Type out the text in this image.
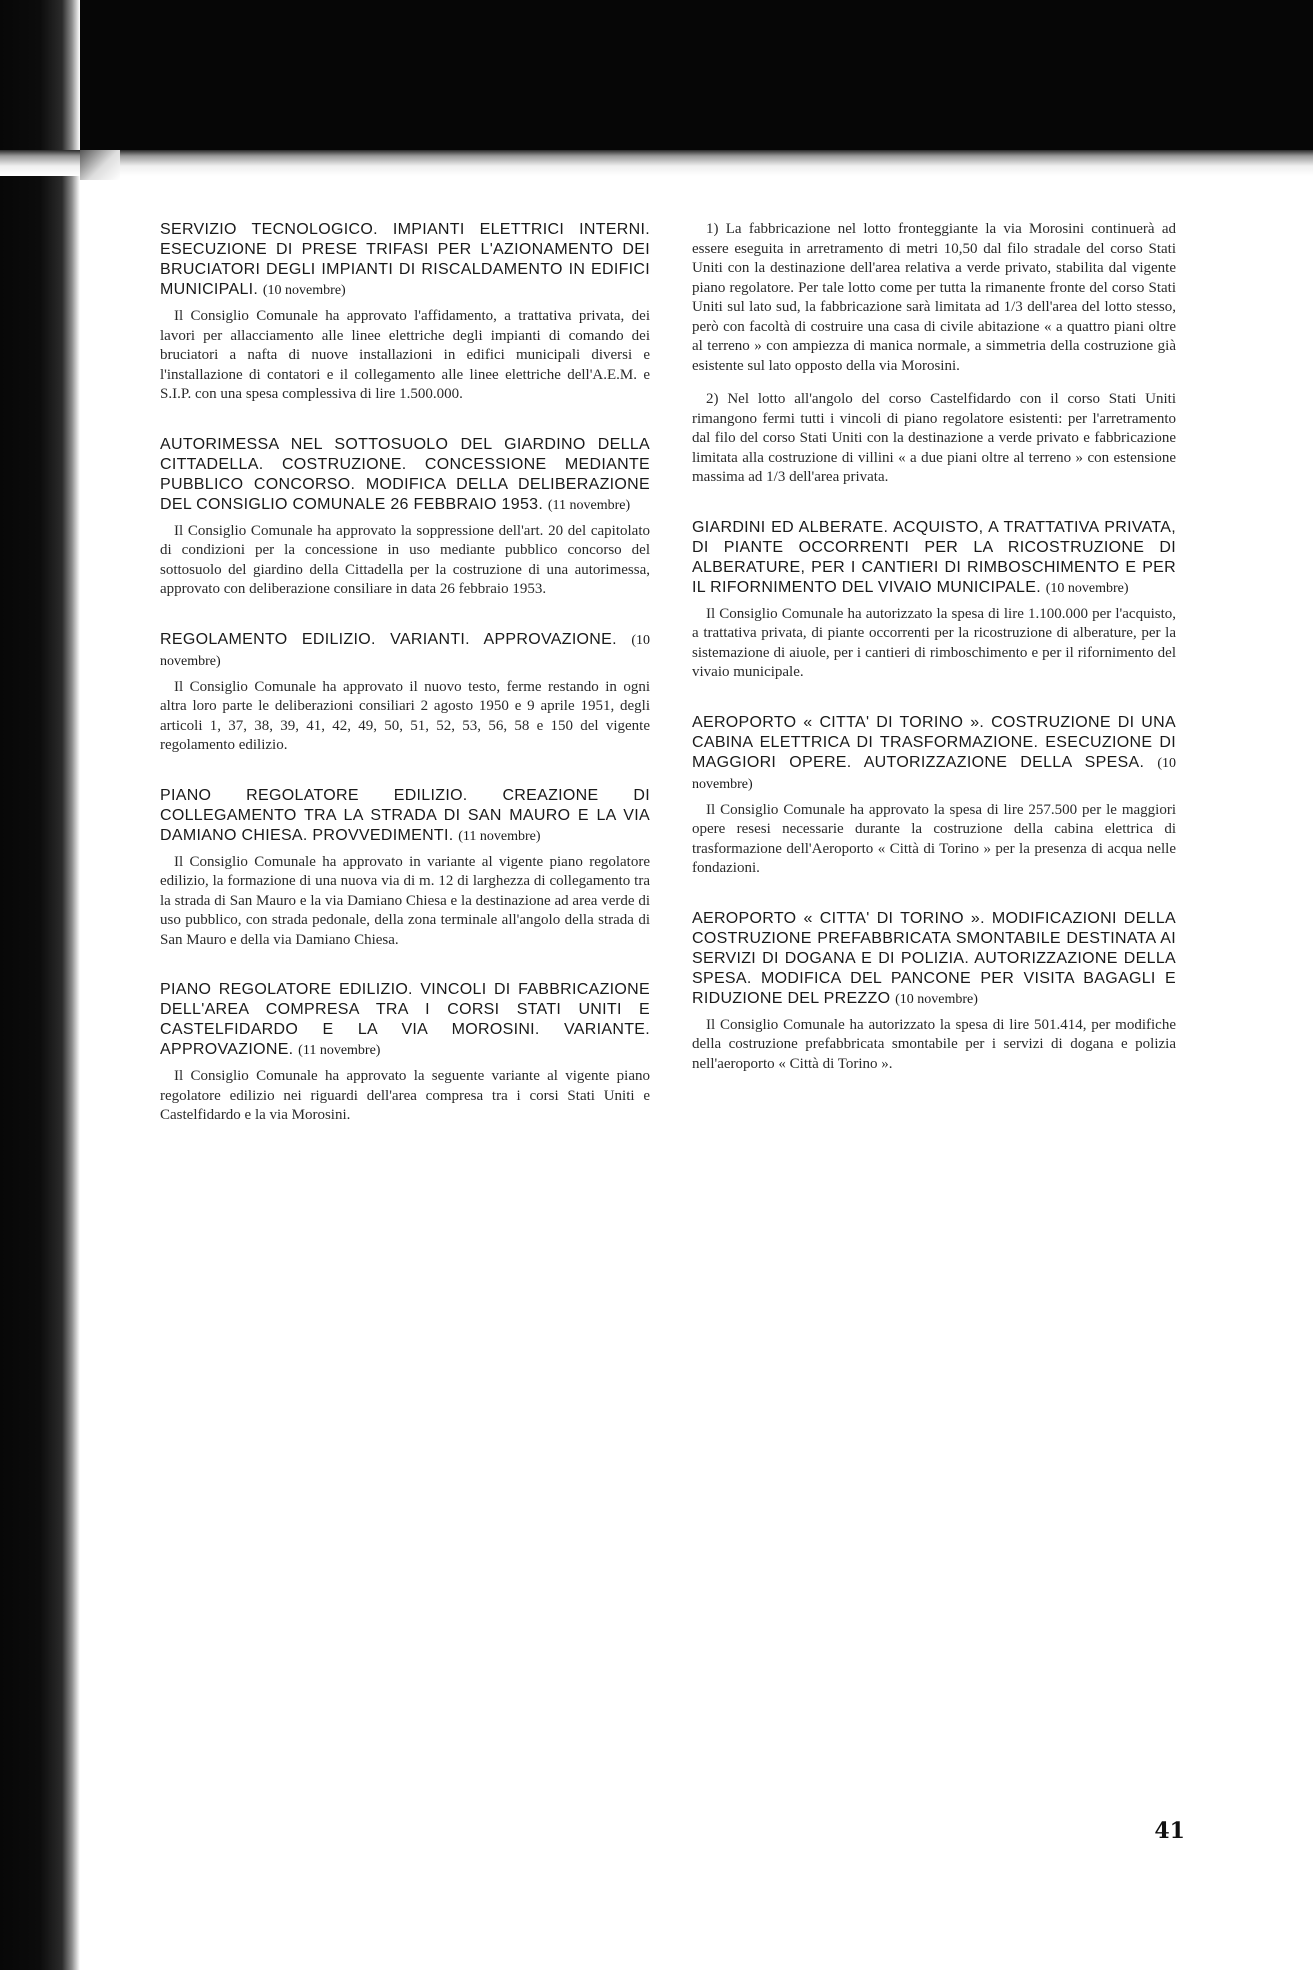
SERVIZIO TECNOLOGICO. IMPIANTI ELETTRICI INTERNI. ESECUZIONE DI PRESE TRIFASI PER L'AZIONAMENTO DEI BRUCIATORI DEGLI IMPIANTI DI RISCALDAMENTO IN EDIFICI MUNICIPALI. (10 novembre)

Il Consiglio Comunale ha approvato l'affidamento, a trattativa privata, dei lavori per allacciamento alle linee elettriche degli impianti di comando dei bruciatori a nafta di nuove installazioni in edifici municipali diversi e l'installazione di contatori e il collegamento alle linee elettriche dell'A.E.M. e S.I.P. con una spesa complessiva di lire 1.500.000.

AUTORIMESSA NEL SOTTOSUOLO DEL GIARDINO DELLA CITTADELLA. COSTRUZIONE. CONCESSIONE MEDIANTE PUBBLICO CONCORSO. MODIFICA DELLA DELIBERAZIONE DEL CONSIGLIO COMUNALE 26 FEBBRAIO 1953. (11 novembre)

Il Consiglio Comunale ha approvato la soppressione dell'art. 20 del capitolato di condizioni per la concessione in uso mediante pubblico concorso del sottosuolo del giardino della Cittadella per la costruzione di una autorimessa, approvato con deliberazione consiliare in data 26 febbraio 1953.

REGOLAMENTO EDILIZIO. VARIANTI. APPROVAZIONE. (10 novembre)

Il Consiglio Comunale ha approvato il nuovo testo, ferme restando in ogni altra loro parte le deliberazioni consiliari 2 agosto 1950 e 9 aprile 1951, degli articoli 1, 37, 38, 39, 41, 42, 49, 50, 51, 52, 53, 56, 58 e 150 del vigente regolamento edilizio.

PIANO REGOLATORE EDILIZIO. CREAZIONE DI COLLEGAMENTO TRA LA STRADA DI SAN MAURO E LA VIA DAMIANO CHIESA. PROVVEDIMENTI. (11 novembre)

Il Consiglio Comunale ha approvato in variante al vigente piano regolatore edilizio, la formazione di una nuova via di m. 12 di larghezza di collegamento tra la strada di San Mauro e la via Damiano Chiesa e la destinazione ad area verde di uso pubblico, con strada pedonale, della zona terminale all'angolo della strada di San Mauro e della via Damiano Chiesa.

PIANO REGOLATORE EDILIZIO. VINCOLI DI FABBRICAZIONE DELL'AREA COMPRESA TRA I CORSI STATI UNITI E CASTELFIDARDO E LA VIA MOROSINI. VARIANTE. APPROVAZIONE. (11 novembre)

Il Consiglio Comunale ha approvato la seguente variante al vigente piano regolatore edilizio nei riguardi dell'area compresa tra i corsi Stati Uniti e Castelfidardo e la via Morosini.

1) La fabbricazione nel lotto fronteggiante la via Morosini continuerà ad essere eseguita in arretramento di metri 10,50 dal filo stradale del corso Stati Uniti con la destinazione dell'area relativa a verde privato, stabilita dal vigente piano regolatore. Per tale lotto come per tutta la rimanente fronte del corso Stati Uniti sul lato sud, la fabbricazione sarà limitata ad 1/3 dell'area del lotto stesso, però con facoltà di costruire una casa di civile abitazione « a quattro piani oltre al terreno » con ampiezza di manica normale, a simmetria della costruzione già esistente sul lato opposto della via Morosini.

2) Nel lotto all'angolo del corso Castelfidardo con il corso Stati Uniti rimangono fermi tutti i vincoli di piano regolatore esistenti: per l'arretramento dal filo del corso Stati Uniti con la destinazione a verde privato e fabbricazione limitata alla costruzione di villini « a due piani oltre al terreno » con estensione massima ad 1/3 dell'area privata.

GIARDINI ED ALBERATE. ACQUISTO, A TRATTATIVA PRIVATA, DI PIANTE OCCORRENTI PER LA RICOSTRUZIONE DI ALBERATURE, PER I CANTIERI DI RIMBOSCHIMENTO E PER IL RIFORNIMENTO DEL VIVAIO MUNICIPALE. (10 novembre)

Il Consiglio Comunale ha autorizzato la spesa di lire 1.100.000 per l'acquisto, a trattativa privata, di piante occorrenti per la ricostruzione di alberature, per la sistemazione di aiuole, per i cantieri di rimboschimento e per il rifornimento del vivaio municipale.

AEROPORTO « CITTA' DI TORINO ». COSTRUZIONE DI UNA CABINA ELETTRICA DI TRASFORMAZIONE. ESECUZIONE DI MAGGIORI OPERE. AUTORIZZAZIONE DELLA SPESA. (10 novembre)

Il Consiglio Comunale ha approvato la spesa di lire 257.500 per le maggiori opere resesi necessarie durante la costruzione della cabina elettrica di trasformazione dell'Aeroporto « Città di Torino » per la presenza di acqua nelle fondazioni.

AEROPORTO « CITTA' DI TORINO ». MODIFICAZIONI DELLA COSTRUZIONE PREFABBRICATA SMONTABILE DESTINATA AI SERVIZI DI DOGANA E DI POLIZIA. AUTORIZZAZIONE DELLA SPESA. MODIFICA DEL PANCONE PER VISITA BAGAGLI E RIDUZIONE DEL PREZZO (10 novembre)

Il Consiglio Comunale ha autorizzato la spesa di lire 501.414, per modifiche della costruzione prefabbricata smontabile per i servizi di dogana e polizia nell'aeroporto « Città di Torino ».

41
